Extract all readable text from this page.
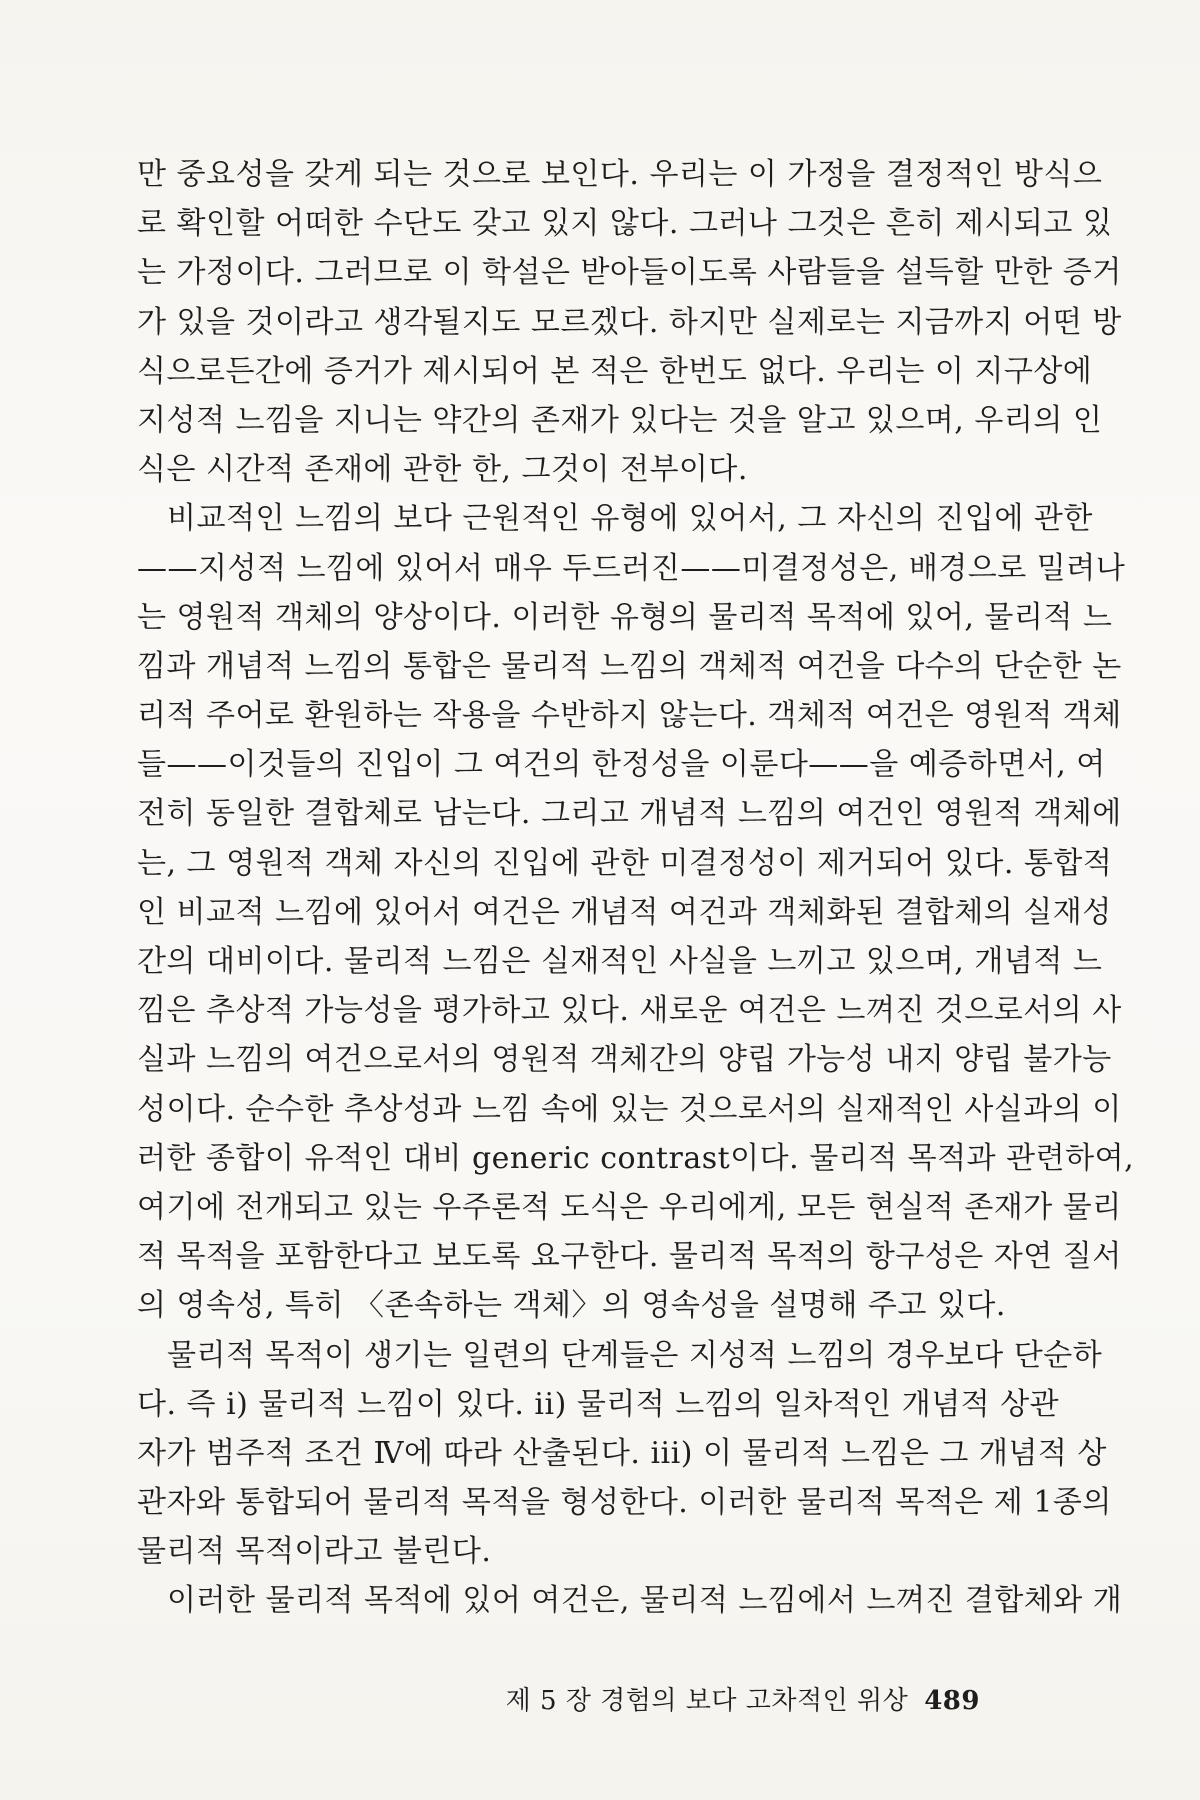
만 중요성을 갖게 되는 것으로 보인다. 우리는 이 가정을 결정적인 방식으
로 확인할 어떠한 수단도 갖고 있지 않다. 그러나 그것은 흔히 제시되고 있
는 가정이다. 그러므로 이 학설은 받아들이도록 사람들을 설득할 만한 증거
가 있을 것이라고 생각될지도 모르겠다. 하지만 실제로는 지금까지 어떤 방
식으로든간에 증거가 제시되어 본 적은 한번도 없다. 우리는 이 지구상에
지성적 느낌을 지니는 약간의 존재가 있다는 것을 알고 있으며, 우리의 인
식은 시간적 존재에 관한 한, 그것이 전부이다.
비교적인 느낌의 보다 근원적인 유형에 있어서, 그 자신의 진입에 관한
——지성적 느낌에 있어서 매우 두드러진——미결정성은, 배경으로 밀려나
는 영원적 객체의 양상이다. 이러한 유형의 물리적 목적에 있어, 물리적 느
낌과 개념적 느낌의 통합은 물리적 느낌의 객체적 여건을 다수의 단순한 논
리적 주어로 환원하는 작용을 수반하지 않는다. 객체적 여건은 영원적 객체
들——이것들의 진입이 그 여건의 한정성을 이룬다——을 예증하면서, 여
전히 동일한 결합체로 남는다. 그리고 개념적 느낌의 여건인 영원적 객체에
는, 그 영원적 객체 자신의 진입에 관한 미결정성이 제거되어 있다. 통합적
인 비교적 느낌에 있어서 여건은 개념적 여건과 객체화된 결합체의 실재성
간의 대비이다. 물리적 느낌은 실재적인 사실을 느끼고 있으며, 개념적 느
낌은 추상적 가능성을 평가하고 있다. 새로운 여건은 느껴진 것으로서의 사
실과 느낌의 여건으로서의 영원적 객체간의 양립 가능성 내지 양립 불가능
성이다. 순수한 추상성과 느낌 속에 있는 것으로서의 실재적인 사실과의 이
러한 종합이 유적인 대비 generic contrast이다. 물리적 목적과 관련하여,
여기에 전개되고 있는 우주론적 도식은 우리에게, 모든 현실적 존재가 물리
적 목적을 포함한다고 보도록 요구한다. 물리적 목적의 항구성은 자연 질서
의 영속성, 특히 〈존속하는 객체〉의 영속성을 설명해 주고 있다.
물리적 목적이 생기는 일련의 단계들은 지성적 느낌의 경우보다 단순하
다. 즉 i) 물리적 느낌이 있다. ii) 물리적 느낌의 일차적인 개념적 상관
자가 범주적 조건 Ⅳ에 따라 산출된다. iii) 이 물리적 느낌은 그 개념적 상
관자와 통합되어 물리적 목적을 형성한다. 이러한 물리적 목적은 제 1종의
물리적 목적이라고 불린다.
이러한 물리적 목적에 있어 여건은, 물리적 느낌에서 느껴진 결합체와 개
제 5 장 경험의 보다 고차적인 위상 489
